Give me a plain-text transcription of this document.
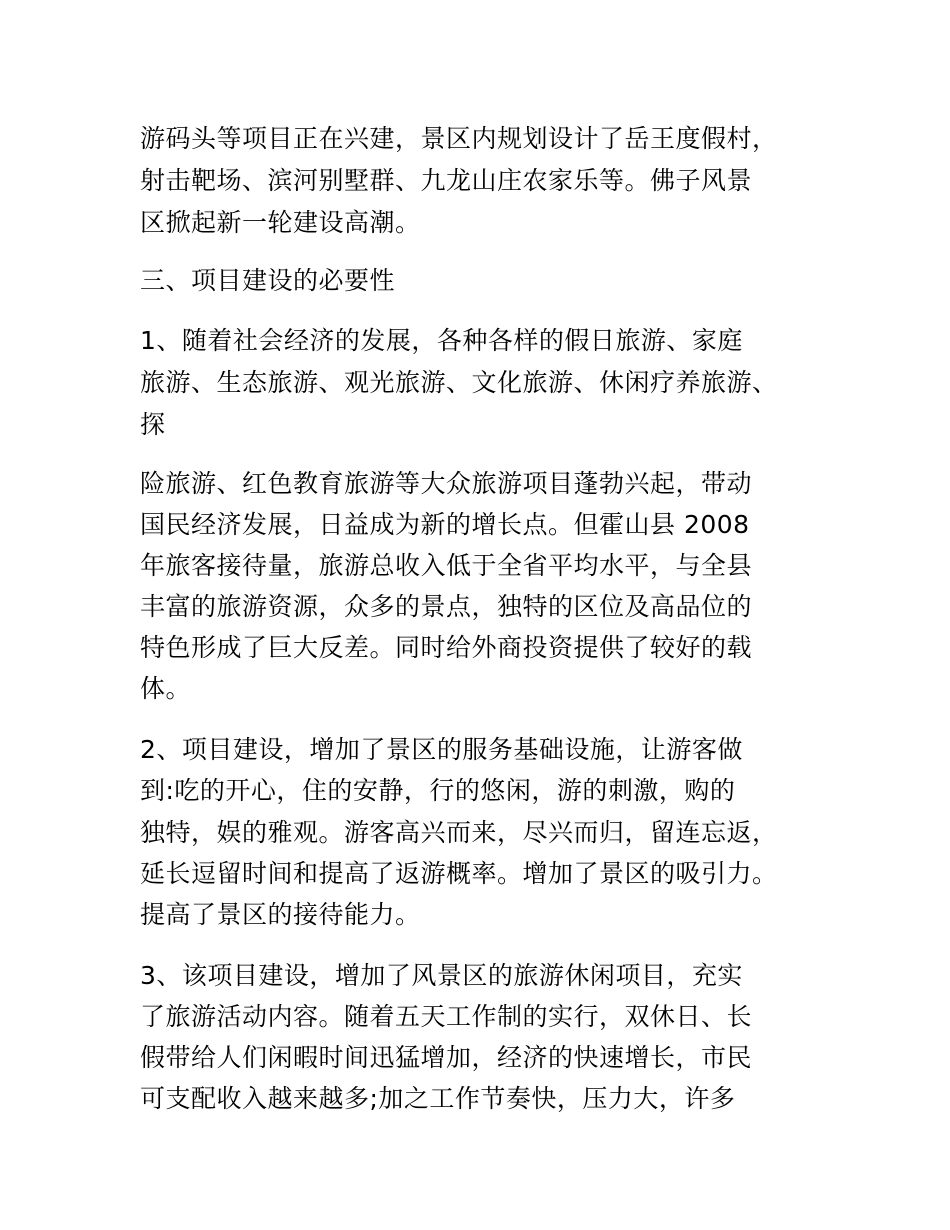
游码头等项目正在兴建，景区内规划设计了岳王度假村，
射击靶场、滨河别墅群、九龙山庄农家乐等。佛子风景
区掀起新一轮建设高潮。
三、项目建设的必要性
1、随着社会经济的发展，各种各样的假日旅游、家庭
旅游、生态旅游、观光旅游、文化旅游、休闲疗养旅游、
探
险旅游、红色教育旅游等大众旅游项目蓬勃兴起，带动
国民经济发展，日益成为新的增长点。但霍山县 2008
年旅客接待量，旅游总收入低于全省平均水平，与全县
丰富的旅游资源，众多的景点，独特的区位及高品位的
特色形成了巨大反差。同时给外商投资提供了较好的载
体。
2、项目建设，增加了景区的服务基础设施，让游客做
到:吃的开心，住的安静，行的悠闲，游的刺激，购的
独特，娱的雅观。游客高兴而来，尽兴而归，留连忘返，
延长逗留时间和提高了返游概率。增加了景区的吸引力。
提高了景区的接待能力。
3、该项目建设，增加了风景区的旅游休闲项目，充实
了旅游活动内容。随着五天工作制的实行，双休日、长
假带给人们闲暇时间迅猛增加，经济的快速增长，市民
可支配收入越来越多;加之工作节奏快，压力大，许多
